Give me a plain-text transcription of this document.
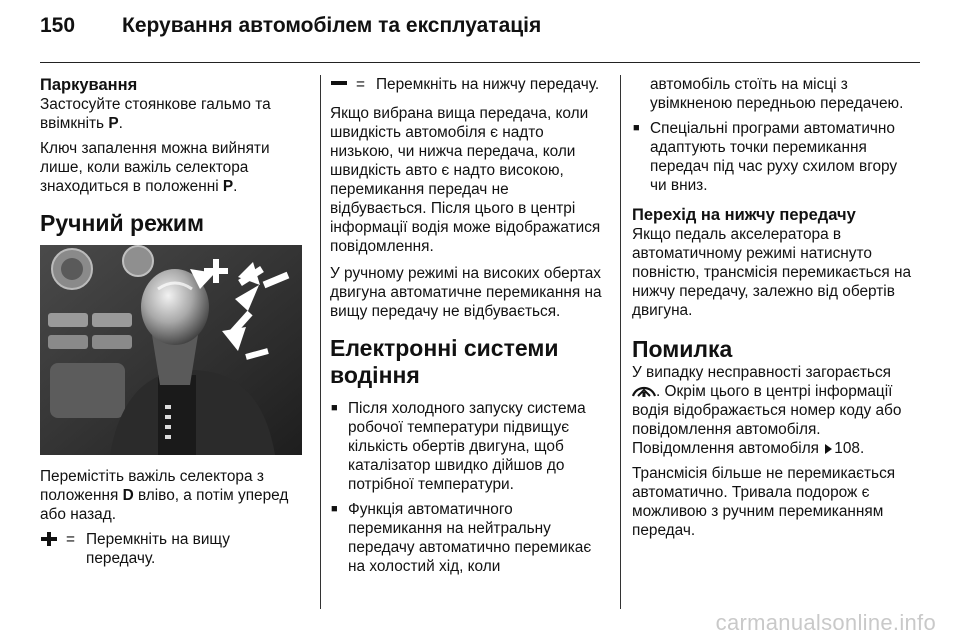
150 Керування автомобілем та експлуатація
Паркування

Застосуйте стоянкове гальмо та ввімкніть P.

Ключ запалення можна вийняти лише, коли важіль селектора знаходиться в положенні P.

Ручний режим

Перемістіть важіль селектора з положення D вліво, а потім уперед або назад.

= Перемкніть на вищу передачу.
= Перемкніть на нижчу передачу.

Якщо вибрана вища передача, коли швидкість автомобіля є надто низькою, чи нижча передача, коли швидкість авто є надто високою, перемикання передач не відбувається. Після цього в центрі інформації водія може відображатися повідомлення.

У ручному режимі на високих обертах двигуна автоматичне перемикання на вищу передачу не відбувається.

Електронні системи
водіння
■ Після холодного запуску система робочої температури підвищує кількість обертів двигуна, щоб каталізатор швидко дійшов до потрібної температури.
■ Функція автоматичного перемикання на нейтральну передачу автоматично перемикає на холостий хід, коли

автомобіль стоїть на місці з увімкненою передньою передачею.

■ Спеціальні програми автоматично адаптують точки перемикання передач під час руху схилом вгору чи вниз.
Перехід на нижчу передачу

Якщо педаль акселератора в автоматичному режимі натиснуто повністю, трансмісія перемикається на нижчу передачу, залежно від обертів двигуна.

Помилка

У випадку несправності загорається . Окрім цього в центрі інформації водія відображається номер коду або повідомлення автомобіля. Повідомлення автомобіля 108.

Трансмісія більше не перемикається автоматично. Тривала подорож є можливою з ручним перемиканням передач.

carmanualsonline.info
